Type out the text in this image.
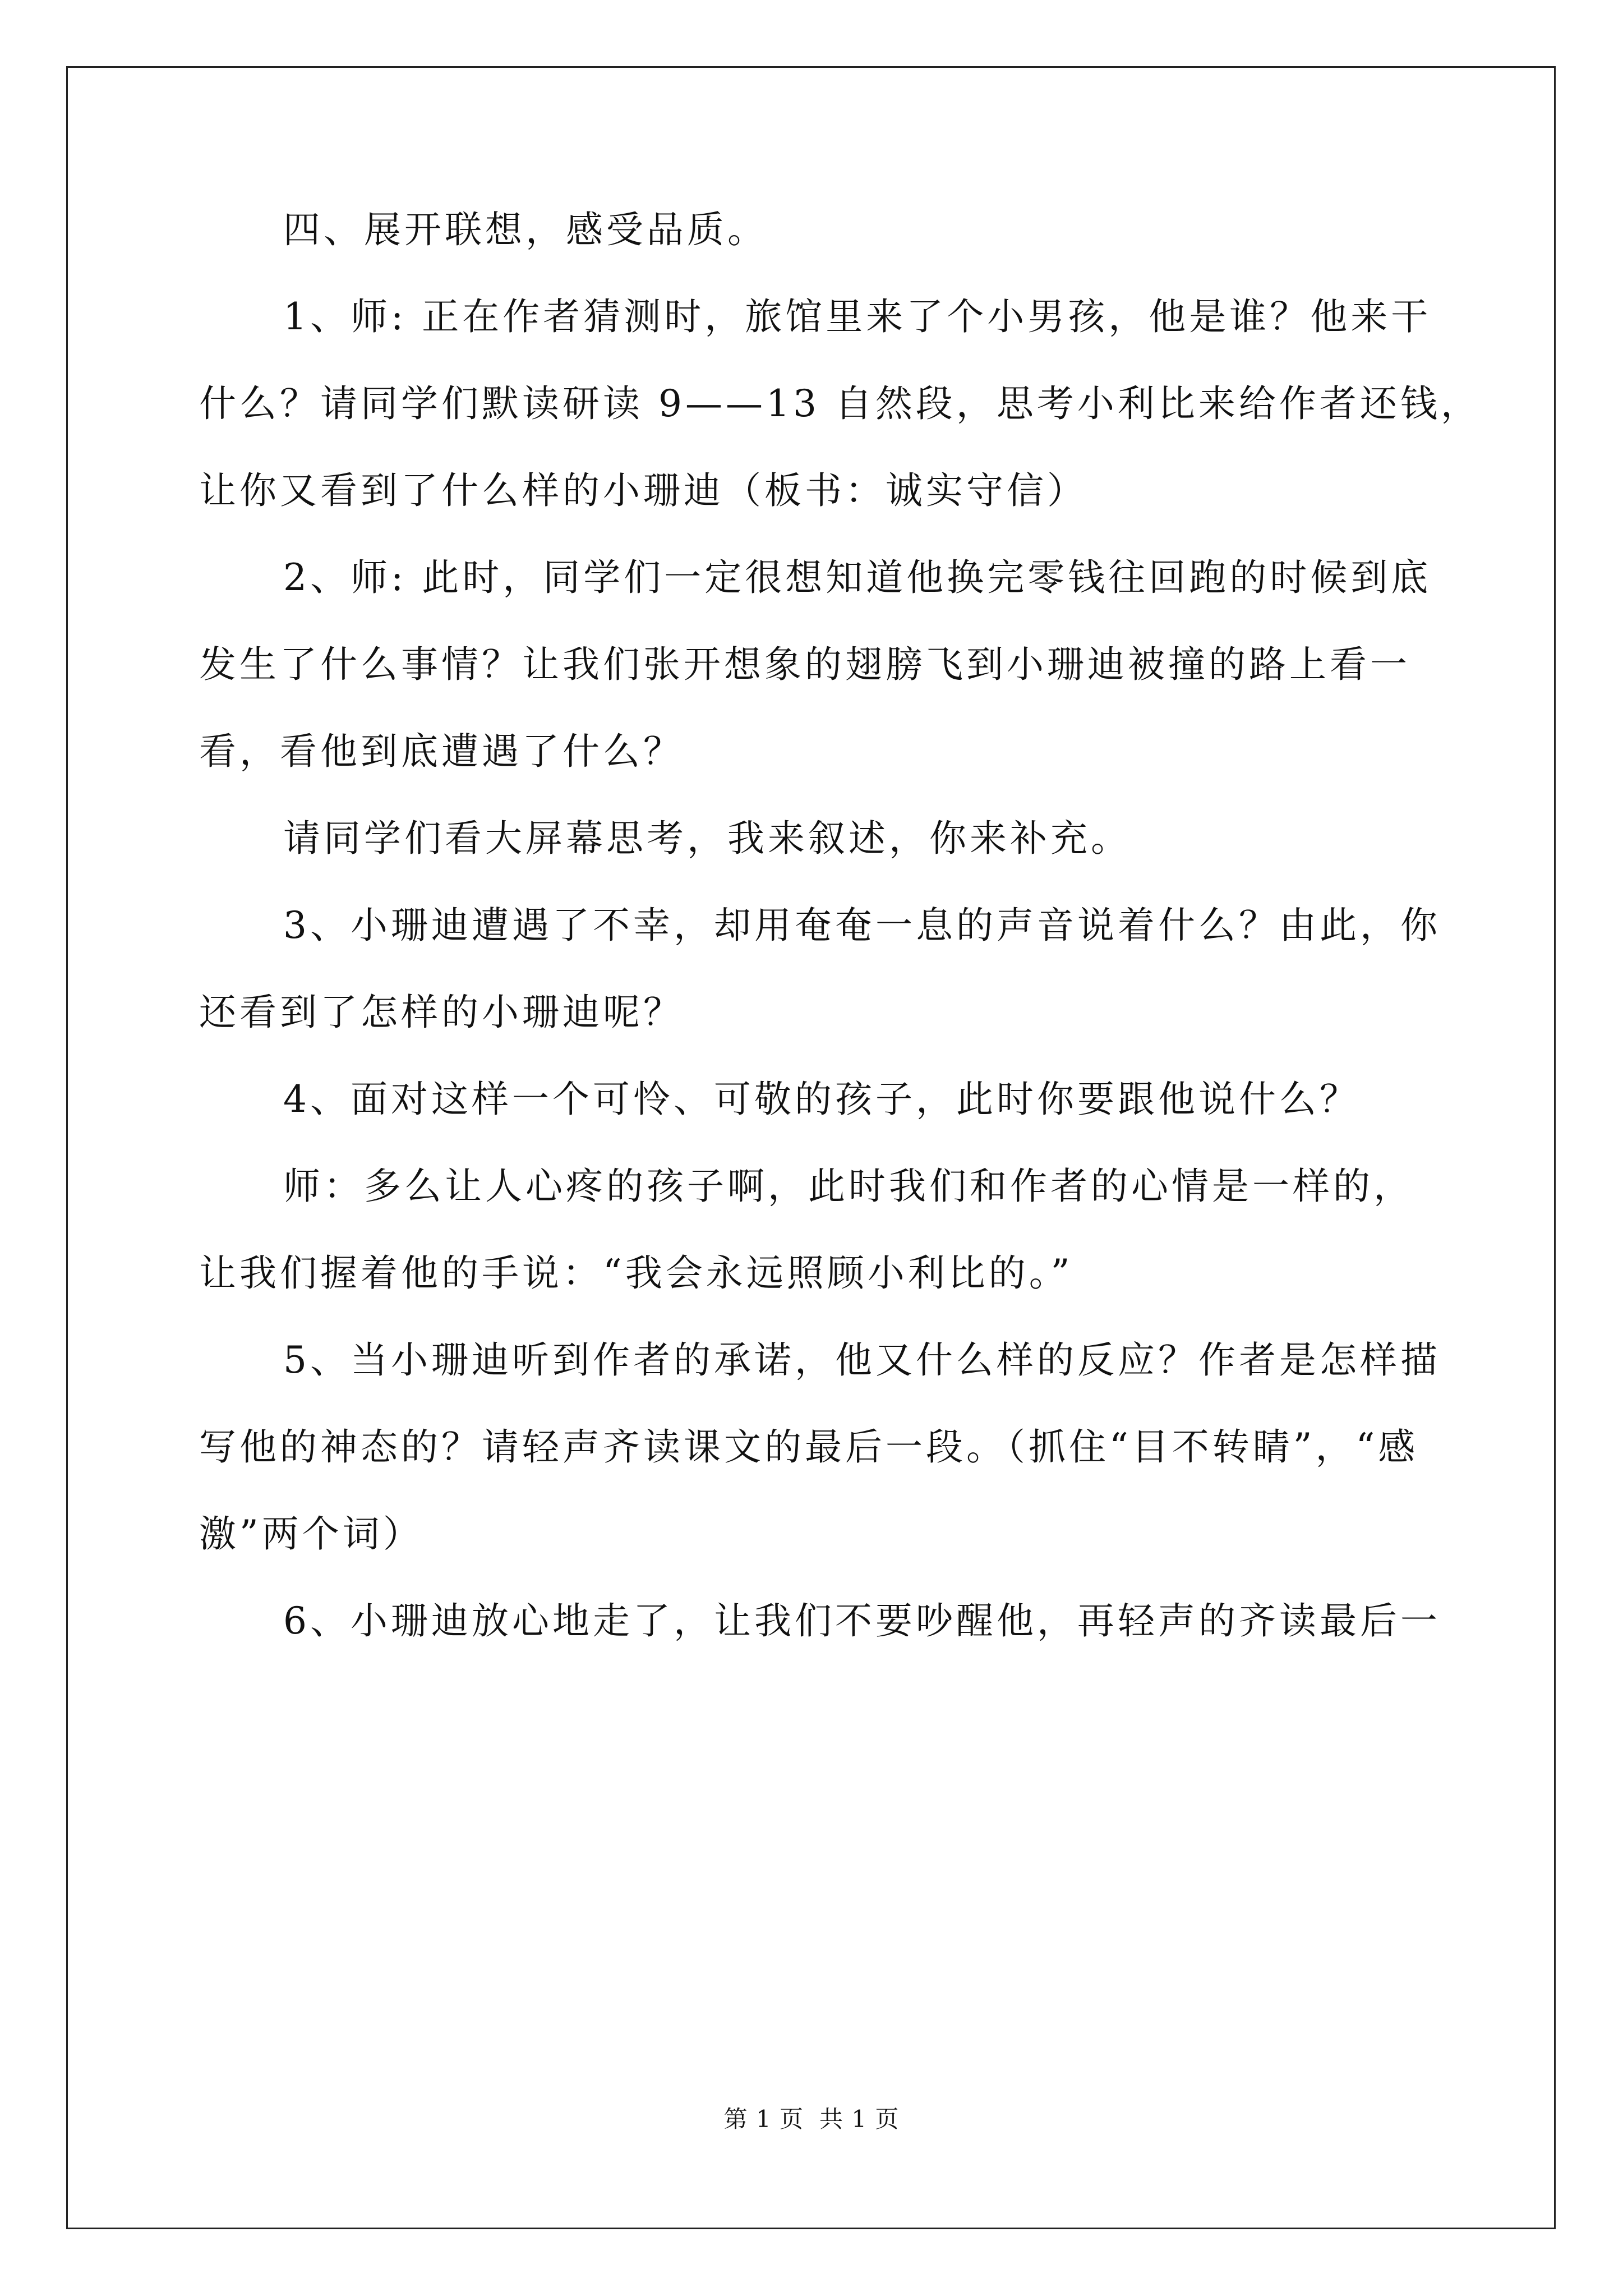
四、展开联想，感受品质。
1、师: 正在作者猜测时，旅馆里来了个小男孩，他是谁？他来干
什么？请同学们默读研读 9——13 自然段，思考小利比来给作者还钱，
让你又看到了什么样的小珊迪（板书：诚实守信）
2、师: 此时，同学们一定很想知道他换完零钱往回跑的时候到底
发生了什么事情？让我们张开想象的翅膀飞到小珊迪被撞的路上看一
看，看他到底遭遇了什么？
请同学们看大屏幕思考，我来叙述，你来补充。
3、小珊迪遭遇了不幸，却用奄奄一息的声音说着什么？由此，你
还看到了怎样的小珊迪呢？
4、面对这样一个可怜、可敬的孩子，此时你要跟他说什么？
师：多么让人心疼的孩子啊，此时我们和作者的心情是一样的，
让我们握着他的手说：“我会永远照顾小利比的。”
5、当小珊迪听到作者的承诺，他又什么样的反应？作者是怎样描
写他的神态的？请轻声齐读课文的最后一段。（抓住“目不转睛”，“感
激”两个词）
6、小珊迪放心地走了，让我们不要吵醒他，再轻声的齐读最后一
第 1 页 共 1 页
